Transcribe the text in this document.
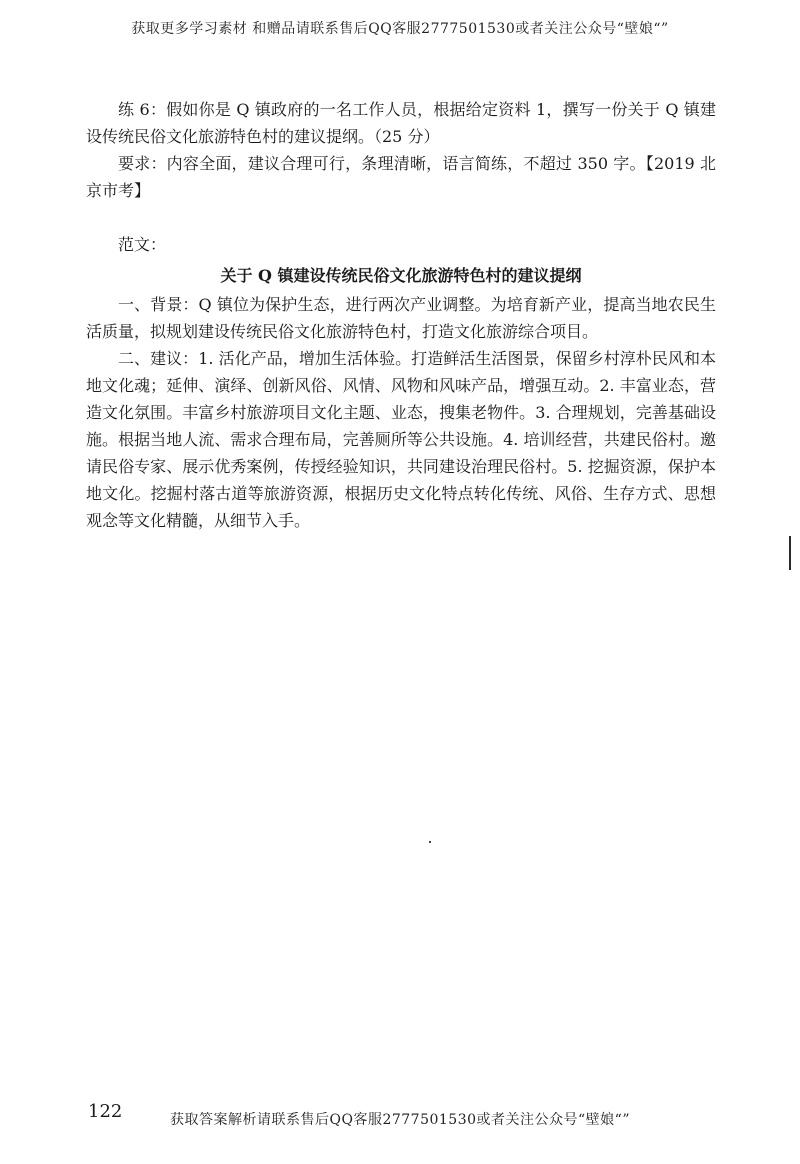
获取更多学习素材 和赠品请联系售后QQ客服2777501530或者关注公众号“壁娘“”

练 6：假如你是 Q 镇政府的一名工作人员，根据给定资料 1，撰写一份关于 Q 镇建设传统民俗文化旅游特色村的建议提纲。（25 分）

要求：内容全面，建议合理可行，条理清晰，语言简练，不超过 350 字。【2019 北京市考】

范文：

关于 Q 镇建设传统民俗文化旅游特色村的建议提纲

一、背景：Q 镇位为保护生态，进行两次产业调整。为培育新产业，提高当地农民生活质量，拟规划建设传统民俗文化旅游特色村，打造文化旅游综合项目。

二、建议：1. 活化产品，增加生活体验。打造鲜活生活图景，保留乡村淳朴民风和本地文化魂；延伸、演绎、创新风俗、风情、风物和风味产品，增强互动。2. 丰富业态，营造文化氛围。丰富乡村旅游项目文化主题、业态，搜集老物件。3. 合理规划，完善基础设施。根据当地人流、需求合理布局，完善厕所等公共设施。4. 培训经营，共建民俗村。邀请民俗专家、展示优秀案例，传授经验知识，共同建设治理民俗村。5. 挖掘资源，保护本地文化。挖掘村落古道等旅游资源，根据历史文化特点转化传统、风俗、生存方式、思想观念等文化精髓，从细节入手。

122	获取答案解析请联系售后QQ客服2777501530或者关注公众号“壁娘“”
